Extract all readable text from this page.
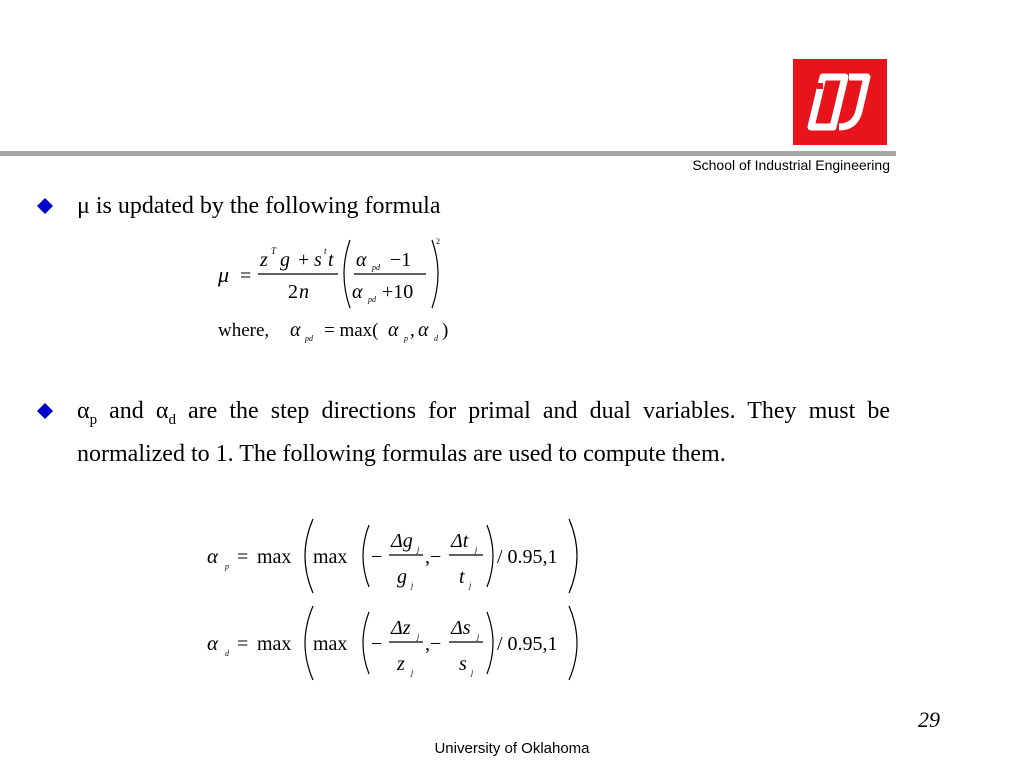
School of Industrial Engineering
μ is updated by the following formula
μ =
z T g + s t t
2 n
α pd −1
α pd +10
2
where, α pd = max( α p , α d )
$\alpha_p$ and $\alpha_d$ are the step directions for primal and dual variables. They must be normalized to 1. The following formulas are used to compute them.
α p = max max −
Δg j
g j
,−
Δt j
t j
/ 0.95,1
α d = max max −
Δz j
z j
,−
Δs j
s j
/ 0.95,1
29
University of Oklahoma
